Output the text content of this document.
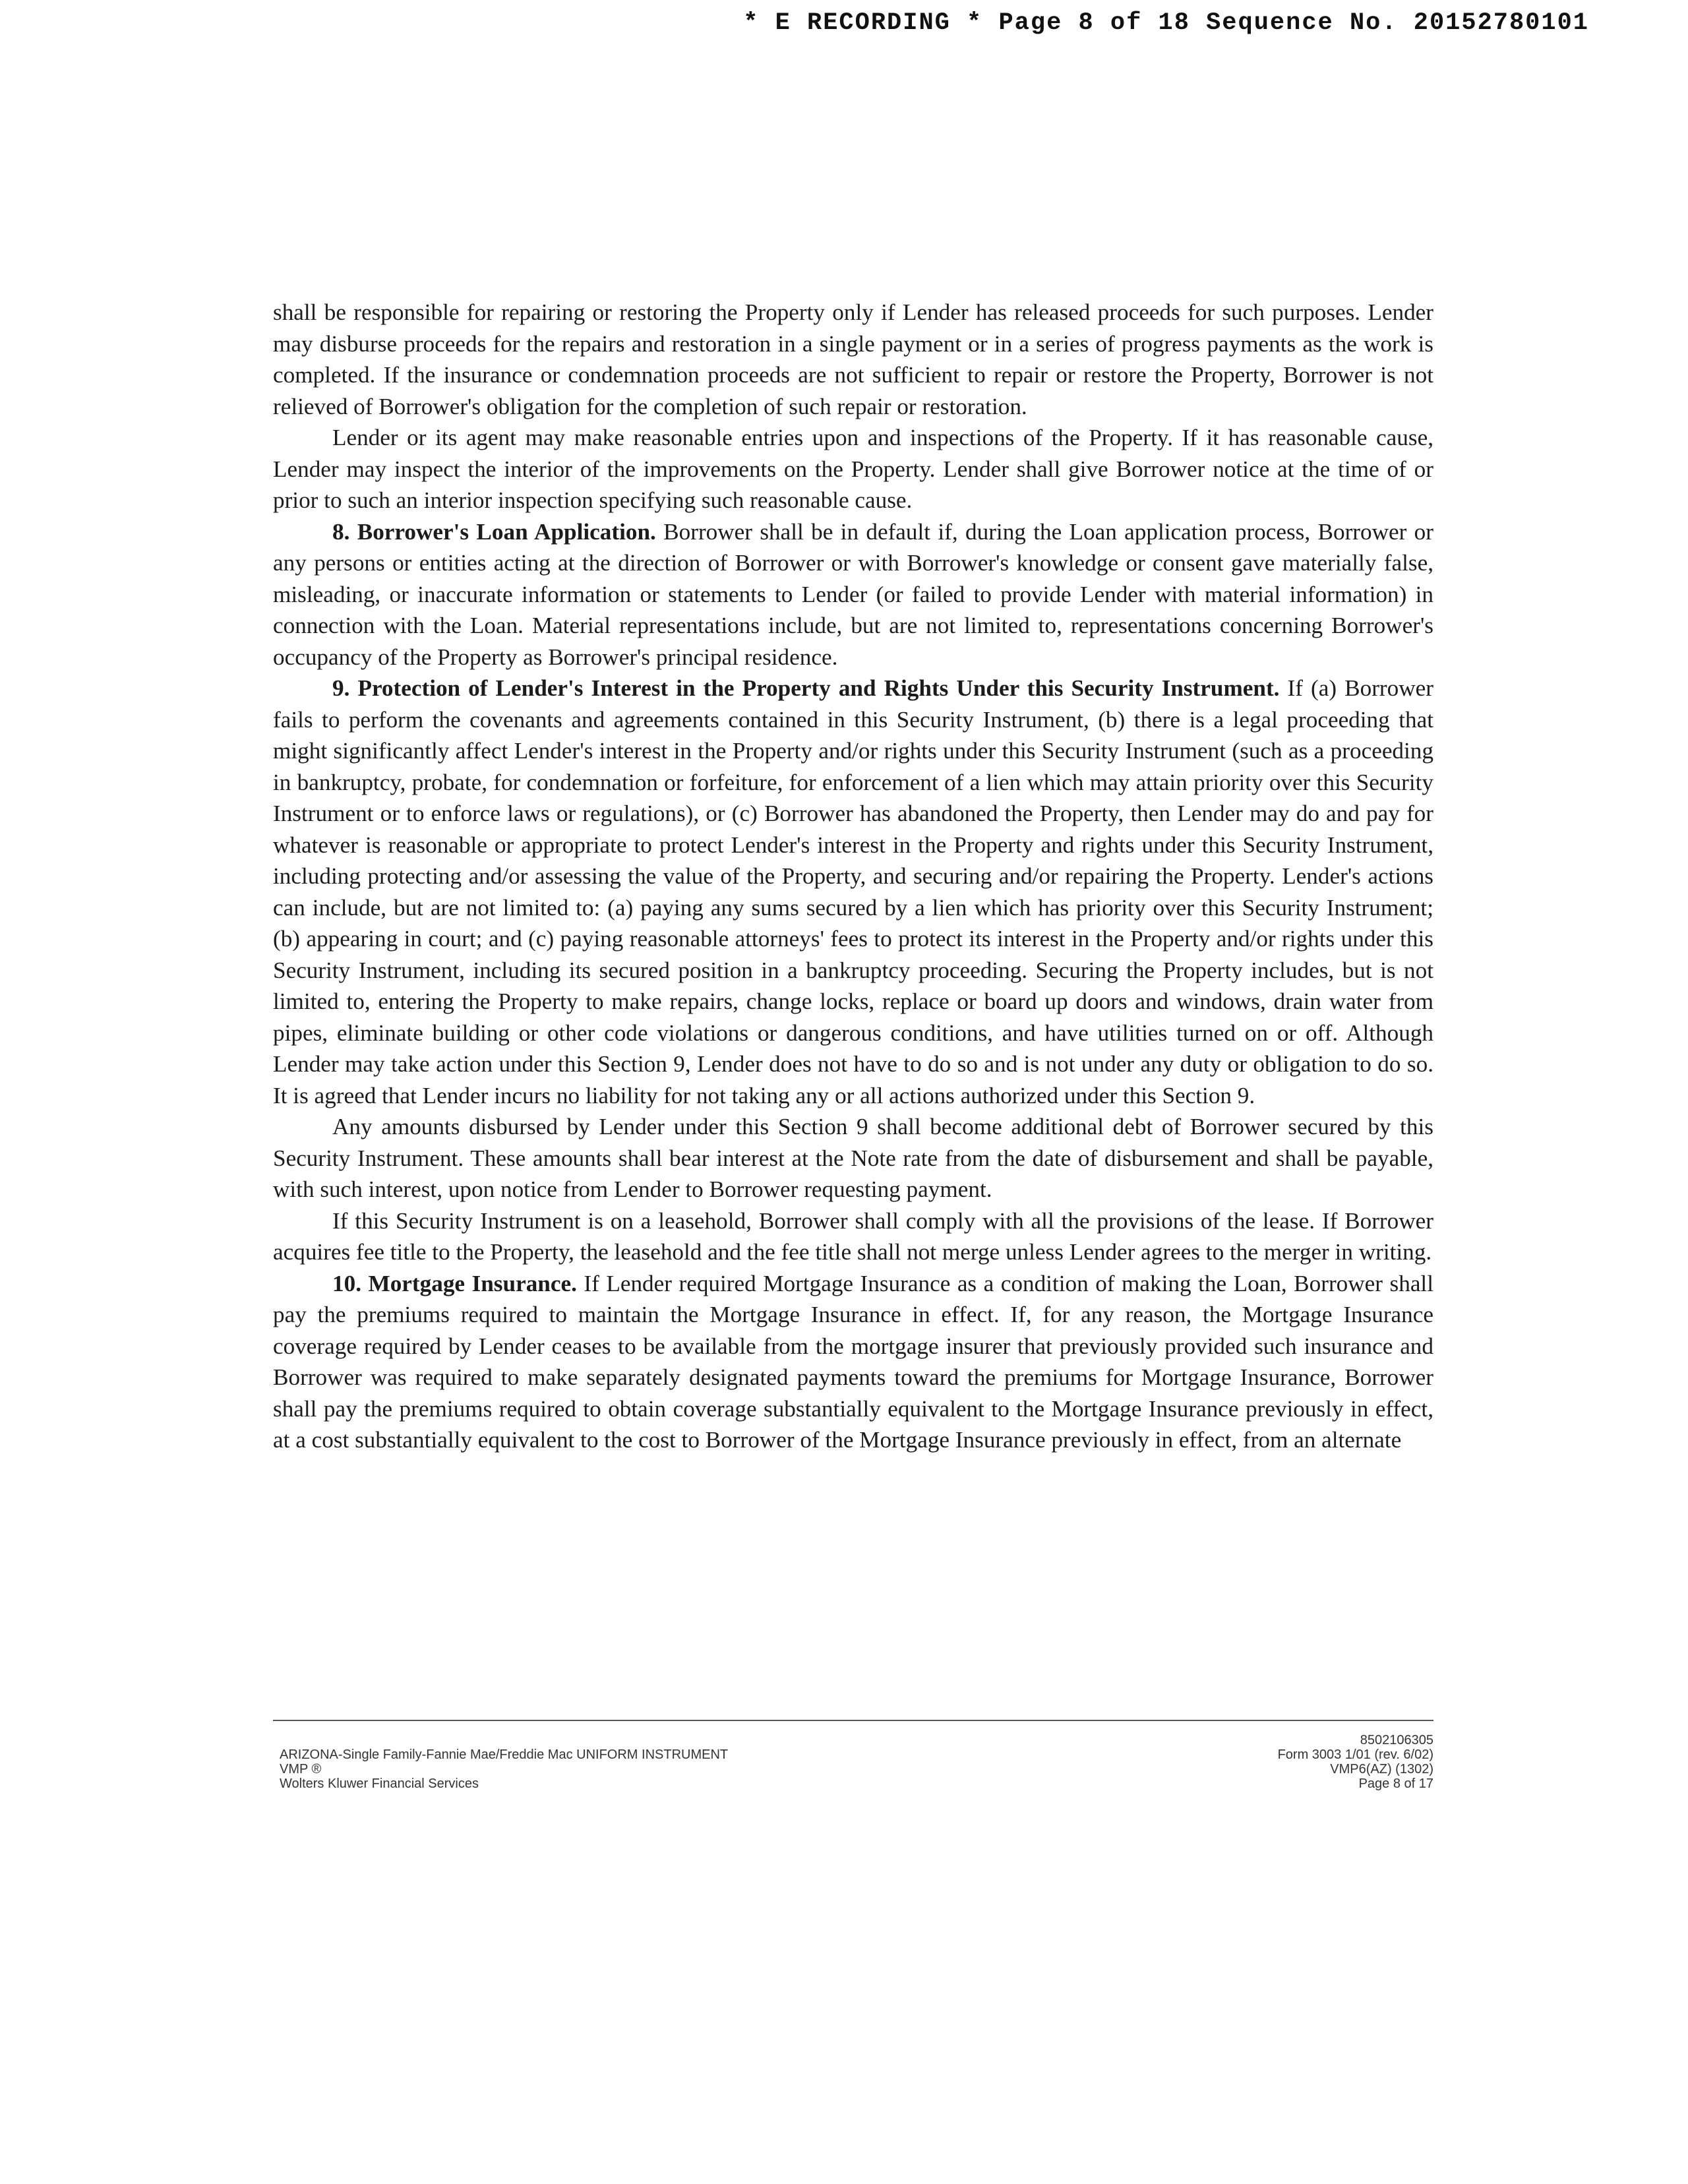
* E RECORDING * Page 8 of 18 Sequence No. 20152780101

shall be responsible for repairing or restoring the Property only if Lender has released proceeds for such purposes. Lender may disburse proceeds for the repairs and restoration in a single payment or in a series of progress payments as the work is completed. If the insurance or condemnation proceeds are not sufficient to repair or restore the Property, Borrower is not relieved of Borrower's obligation for the completion of such repair or restoration.

Lender or its agent may make reasonable entries upon and inspections of the Property. If it has reasonable cause, Lender may inspect the interior of the improvements on the Property. Lender shall give Borrower notice at the time of or prior to such an interior inspection specifying such reasonable cause.

8. Borrower's Loan Application. Borrower shall be in default if, during the Loan application process, Borrower or any persons or entities acting at the direction of Borrower or with Borrower's knowledge or consent gave materially false, misleading, or inaccurate information or statements to Lender (or failed to provide Lender with material information) in connection with the Loan. Material representations include, but are not limited to, representations concerning Borrower's occupancy of the Property as Borrower's principal residence.

9. Protection of Lender's Interest in the Property and Rights Under this Security Instrument. If (a) Borrower fails to perform the covenants and agreements contained in this Security Instrument, (b) there is a legal proceeding that might significantly affect Lender's interest in the Property and/or rights under this Security Instrument (such as a proceeding in bankruptcy, probate, for condemnation or forfeiture, for enforcement of a lien which may attain priority over this Security Instrument or to enforce laws or regulations), or (c) Borrower has abandoned the Property, then Lender may do and pay for whatever is reasonable or appropriate to protect Lender's interest in the Property and rights under this Security Instrument, including protecting and/or assessing the value of the Property, and securing and/or repairing the Property. Lender's actions can include, but are not limited to: (a) paying any sums secured by a lien which has priority over this Security Instrument; (b) appearing in court; and (c) paying reasonable attorneys' fees to protect its interest in the Property and/or rights under this Security Instrument, including its secured position in a bankruptcy proceeding. Securing the Property includes, but is not limited to, entering the Property to make repairs, change locks, replace or board up doors and windows, drain water from pipes, eliminate building or other code violations or dangerous conditions, and have utilities turned on or off. Although Lender may take action under this Section 9, Lender does not have to do so and is not under any duty or obligation to do so. It is agreed that Lender incurs no liability for not taking any or all actions authorized under this Section 9.

Any amounts disbursed by Lender under this Section 9 shall become additional debt of Borrower secured by this Security Instrument. These amounts shall bear interest at the Note rate from the date of disbursement and shall be payable, with such interest, upon notice from Lender to Borrower requesting payment.

If this Security Instrument is on a leasehold, Borrower shall comply with all the provisions of the lease. If Borrower acquires fee title to the Property, the leasehold and the fee title shall not merge unless Lender agrees to the merger in writing.

10. Mortgage Insurance. If Lender required Mortgage Insurance as a condition of making the Loan, Borrower shall pay the premiums required to maintain the Mortgage Insurance in effect. If, for any reason, the Mortgage Insurance coverage required by Lender ceases to be available from the mortgage insurer that previously provided such insurance and Borrower was required to make separately designated payments toward the premiums for Mortgage Insurance, Borrower shall pay the premiums required to obtain coverage substantially equivalent to the Mortgage Insurance previously in effect, at a cost substantially equivalent to the cost to Borrower of the Mortgage Insurance previously in effect, from an alternate

ARIZONA-Single Family-Fannie Mae/Freddie Mac UNIFORM INSTRUMENT
VMP ®
Wolters Kluwer Financial Services
8502106305
Form 3003 1/01 (rev. 6/02)
VMP6(AZ) (1302)
Page 8 of 17
